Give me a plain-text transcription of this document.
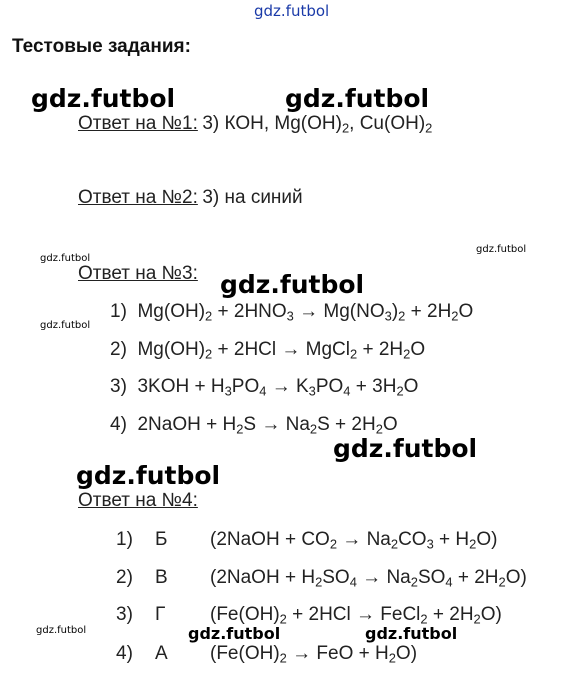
gdz.futbol
gdz.futbol	gdz.futbol
gdz.futbol
gdz.futbol
gdz.futbol
gdz.futbol
gdz.futbol
gdz.futbol
gdz.futbol	gdz.futbol	gdz.futbol
Тестовые задания:
Ответ на №1: 3) КОН, $Mg(OH)_2$, $Cu(OH)_2$
Ответ на №2: 3) на синий
Ответ на №3:
1) $Mg(OH)_2 + 2HNO_3 \to Mg(NO_3)_2 + 2H_2O$
2) $Mg(OH)_2 + 2HCl$ → MgCl$_2$ + $2H_2O$
3) $3KOH + H_3PO_4 \to K_3PO_4 + 3H_2O$
4) 2NaOH + $H_2S \to Na_2S + 2H_2O$
Ответ на №4:
1) Б (2NaOH + $CO_2 \to Na_2CO_3 + H_2O$)
2) В (2NaOH + $H_2SO_4 \to Na_2SO_4 + 2H_2O$)
3) Г ($Fe(OH)_2 + 2HCl$ → FeCl$_2$ + $2H_2O$)
4) А ($Fe(OH)_2$ → FeO + $H_2O$)
